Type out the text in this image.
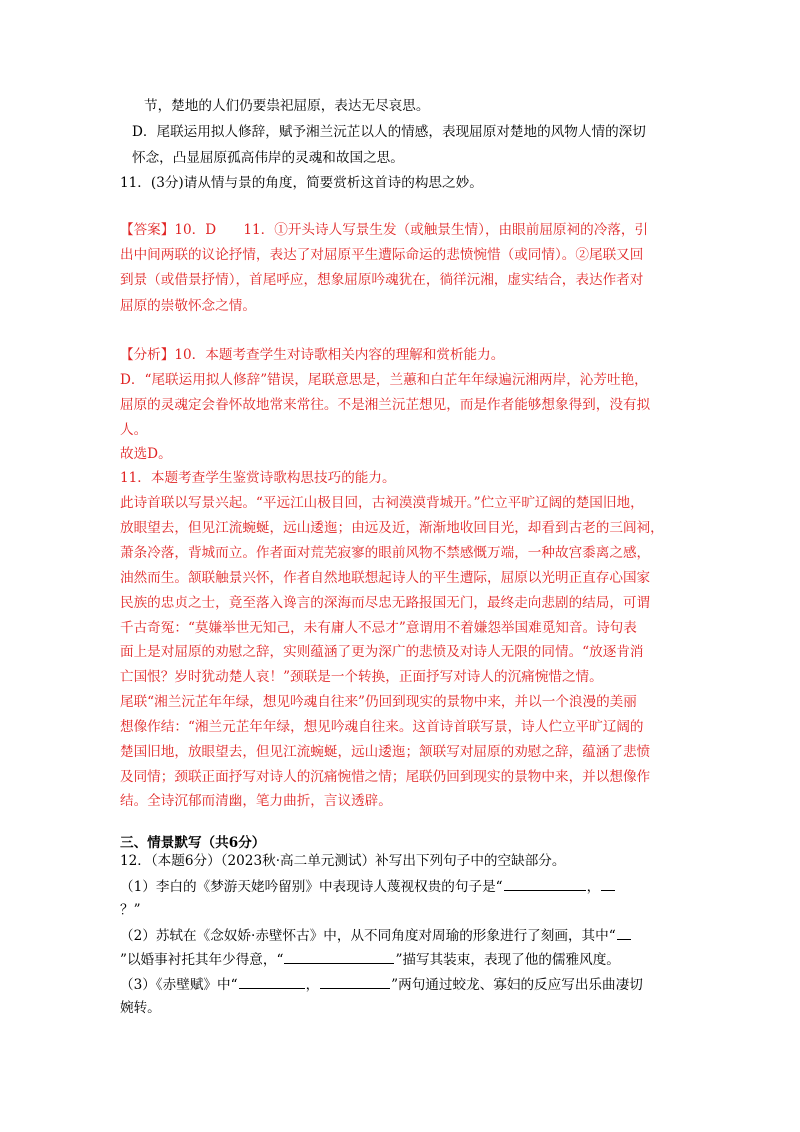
节，楚地的人们仍要祟祀屈原，表达无尽哀思。
D．尾联运用拟人修辞，赋予湘兰沅芷以人的情感，表现屈原对楚地的风物人情的深切
怀念，凸显屈原孤高伟岸的灵魂和故国之思。
11．(3分)请从情与景的角度，简要赏析这首诗的构思之妙。
【答案】10．D　　11．①开头诗人写景生发（或触景生情），由眼前屈原祠的冷落，引
出中间两联的议论抒情，表达了对屈原平生遭际命运的悲愤惋惜（或同情）。②尾联又回
到景（或借景抒情），首尾呼应，想象屈原吟魂犹在，徜徉沅湘，虚实结合，表达作者对
屈原的崇敬怀念之情。
【分析】10．本题考查学生对诗歌相关内容的理解和赏析能力。
D．“尾联运用拟人修辞”错误，尾联意思是，兰蕙和白芷年年绿遍沅湘两岸，沁芳吐艳，
屈原的灵魂定会眷怀故地常来常往。不是湘兰沅芷想见，而是作者能够想象得到，没有拟
人。
故选D。
11．本题考查学生鉴赏诗歌构思技巧的能力。
此诗首联以写景兴起。“平远江山极目回，古祠漠漠背城开。”伫立平旷辽阔的楚国旧地，
放眼望去，但见江流蜿蜒，远山逶迤；由远及近，渐渐地收回目光，却看到古老的三闾祠，
萧条冷落，背城而立。作者面对荒芜寂寥的眼前风物不禁感慨万端，一种故宫黍离之感，
油然而生。颔联触景兴怀，作者自然地联想起诗人的平生遭际，屈原以光明正直存心国家
民族的忠贞之士，竟至落入谗言的深海而尽忠无路报国无门，最终走向悲剧的结局，可谓
千古奇冤：“莫嫌举世无知己，未有庸人不忌才”意谓用不着嫌怨举国难觅知音。诗句表
面上是对屈原的劝慰之辞，实则蕴涵了更为深广的悲愤及对诗人无限的同情。“放逐肯消
亡国恨？岁时犹动楚人哀！”颈联是一个转换，正面抒写对诗人的沉痛惋惜之情。
尾联“湘兰沅芷年年绿，想见吟魂自往来”仍回到现实的景物中来，并以一个浪漫的美丽
想像作结：“湘兰元芷年年绿，想见吟魂自往来。这首诗首联写景，诗人伫立平旷辽阔的
楚国旧地，放眼望去，但见江流蜿蜒，远山逶迤；颔联写对屈原的劝慰之辞，蕴涵了悲愤
及同情；颈联正面抒写对诗人的沉痛惋惜之情；尾联仍回到现实的景物中来，并以想像作
结。全诗沉郁而清幽，笔力曲折，言议透辟。
三、情景默写（共6分）
12．（本题6分）（2023秋·高二单元测试）补写出下列句子中的空缺部分。
（1）李白的《梦游天姥吟留别》中表现诗人蔑视权贵的句子是“	，
？”
（2）苏轼在《念奴娇·赤壁怀古》中，从不同角度对周瑜的形象进行了刻画，其中“
”以婚事衬托其年少得意，“	”描写其装束，表现了他的儒雅风度。
（3）《赤壁赋》中“	，	”两句通过蛟龙、寡妇的反应写出乐曲凄切
婉转。
